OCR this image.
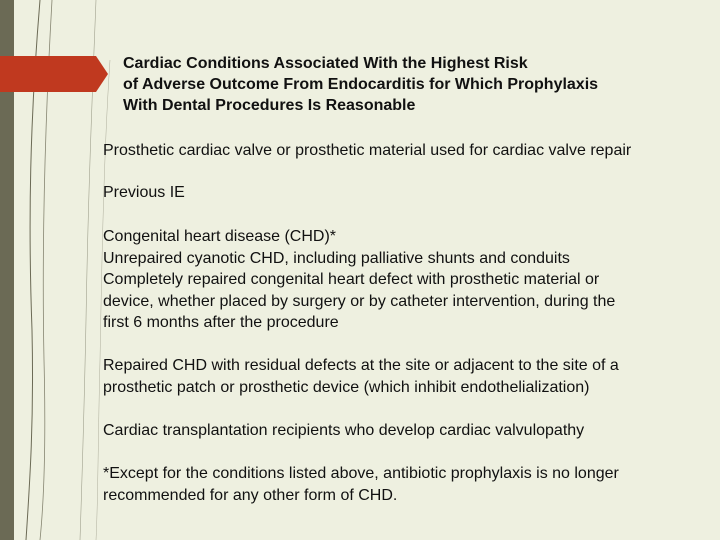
Cardiac Conditions Associated With the Highest Risk
of Adverse Outcome From Endocarditis for Which Prophylaxis
With Dental Procedures Is Reasonable
Prosthetic cardiac valve or prosthetic material used for cardiac valve repair
Previous IE
Congenital heart disease (CHD)*
Unrepaired cyanotic CHD, including palliative shunts and conduits
Completely repaired congenital heart defect with prosthetic material or
device, whether placed by surgery or by catheter intervention, during the
first 6 months after the procedure
Repaired CHD with residual defects at the site or adjacent to the site of a
prosthetic patch or prosthetic device (which inhibit endothelialization)
Cardiac transplantation recipients who develop cardiac valvulopathy
*Except for the conditions listed above, antibiotic prophylaxis is no longer
recommended for any other form of CHD.
